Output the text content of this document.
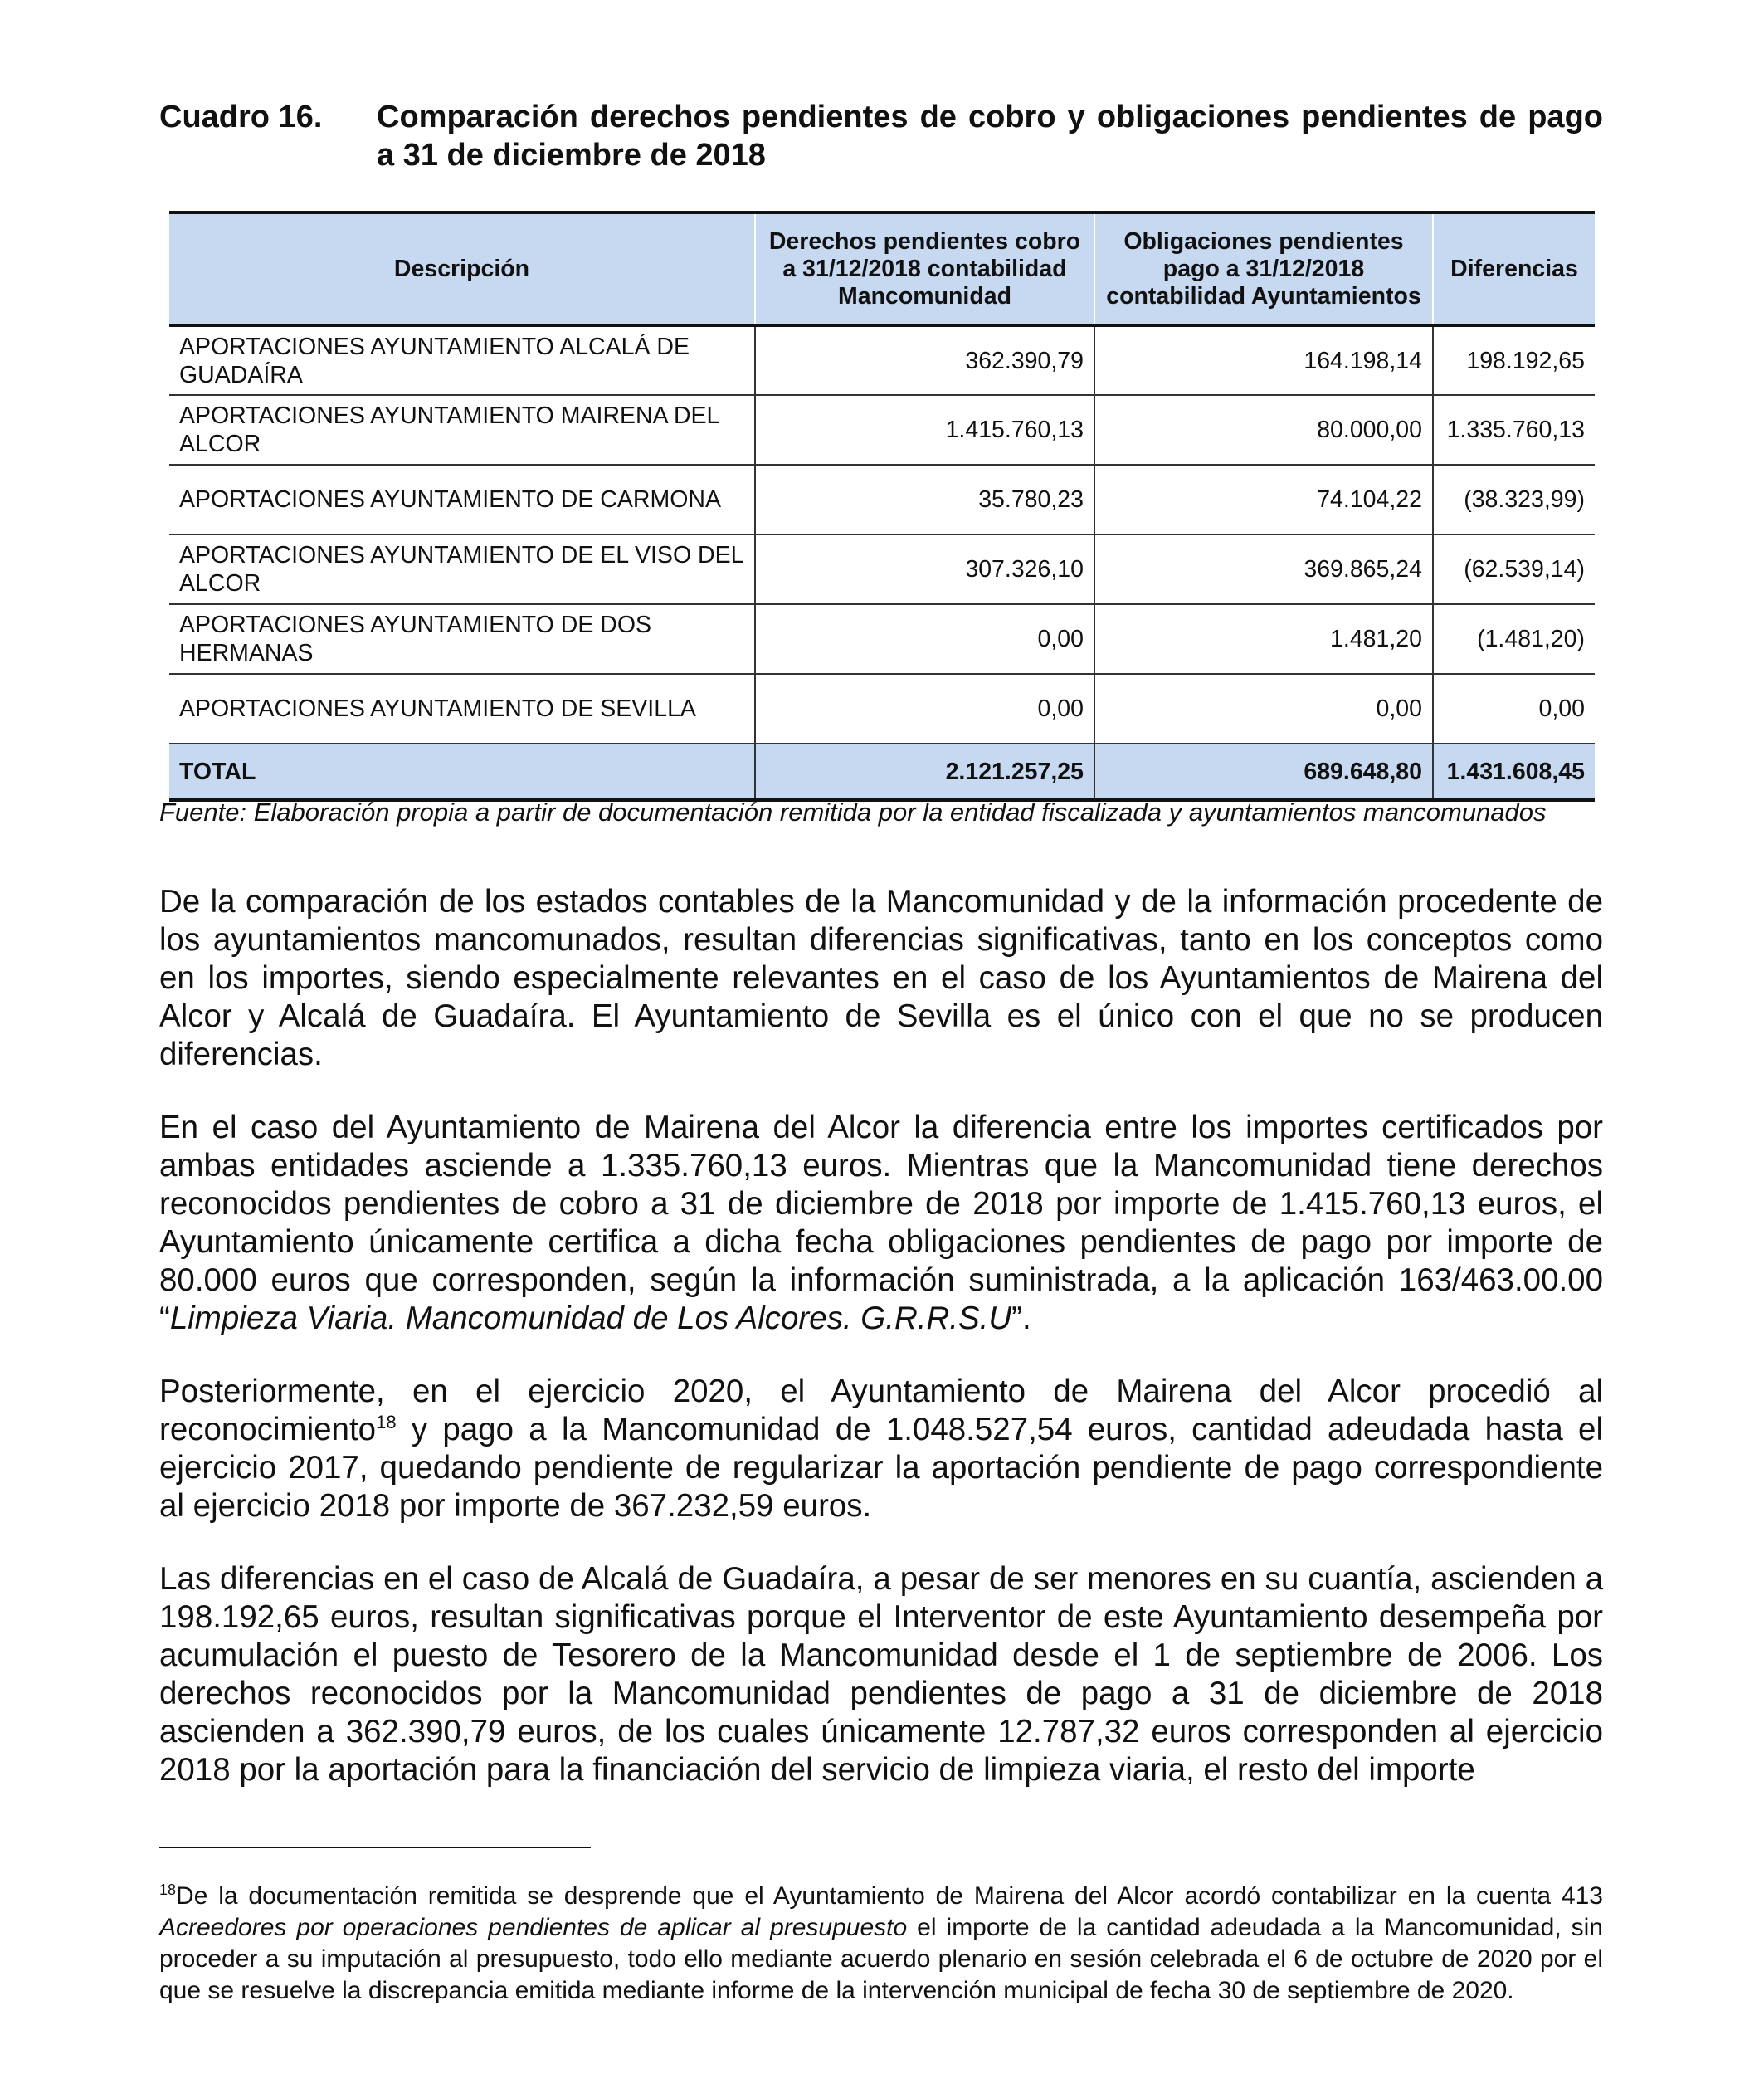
Cuadro 16.	Comparación derechos pendientes de cobro y obligaciones pendientes de pago a 31 de diciembre de 2018
Descripción	Derechos pendientes cobro a 31/12/2018 contabilidad Mancomunidad	Obligaciones pendientes pago a 31/12/2018 contabilidad Ayuntamientos	Diferencias
APORTACIONES AYUNTAMIENTO ALCALÁ DE GUADAÍRA	362.390,79	164.198,14	198.192,65
APORTACIONES AYUNTAMIENTO MAIRENA DEL ALCOR	1.415.760,13	80.000,00	1.335.760,13
APORTACIONES AYUNTAMIENTO DE CARMONA	35.780,23	74.104,22	(38.323,99)
APORTACIONES AYUNTAMIENTO DE EL VISO DEL ALCOR	307.326,10	369.865,24	(62.539,14)
APORTACIONES AYUNTAMIENTO DE DOS HERMANAS	0,00	1.481,20	(1.481,20)
APORTACIONES AYUNTAMIENTO DE SEVILLA	0,00	0,00	0,00
TOTAL	2.121.257,25	689.648,80	1.431.608,45
Fuente: Elaboración propia a partir de documentación remitida por la entidad fiscalizada y ayuntamientos mancomunados

De la comparación de los estados contables de la Mancomunidad y de la información procedente de los ayuntamientos mancomunados, resultan diferencias significativas, tanto en los conceptos como en los importes, siendo especialmente relevantes en el caso de los Ayuntamientos de Mairena del Alcor y Alcalá de Guadaíra. El Ayuntamiento de Sevilla es el único con el que no se producen diferencias.

En el caso del Ayuntamiento de Mairena del Alcor la diferencia entre los importes certificados por ambas entidades asciende a 1.335.760,13 euros. Mientras que la Mancomunidad tiene derechos reconocidos pendientes de cobro a 31 de diciembre de 2018 por importe de 1.415.760,13 euros, el Ayuntamiento únicamente certifica a dicha fecha obligaciones pendientes de pago por importe de 80.000 euros que corresponden, según la información suministrada, a la aplicación 163/463.00.00 “Limpieza Viaria. Mancomunidad de Los Alcores. G.R.R.S.U”.

Posteriormente, en el ejercicio 2020, el Ayuntamiento de Mairena del Alcor procedió al reconocimiento$^{18}$ y pago a la Mancomunidad de 1.048.527,54 euros, cantidad adeudada hasta el ejercicio 2017, quedando pendiente de regularizar la aportación pendiente de pago correspondiente al ejercicio 2018 por importe de 367.232,59 euros.

Las diferencias en el caso de Alcalá de Guadaíra, a pesar de ser menores en su cuantía, ascienden a 198.192,65 euros, resultan significativas porque el Interventor de este Ayuntamiento desempeña por acumulación el puesto de Tesorero de la Mancomunidad desde el 1 de septiembre de 2006. Los derechos reconocidos por la Mancomunidad pendientes de pago a 31 de diciembre de 2018 ascienden a 362.390,79 euros, de los cuales únicamente 12.787,32 euros corresponden al ejercicio 2018 por la aportación para la financiación del servicio de limpieza viaria, el resto del importe

$^{18}$De la documentación remitida se desprende que el Ayuntamiento de Mairena del Alcor acordó contabilizar en la cuenta 413 Acreedores por operaciones pendientes de aplicar al presupuesto el importe de la cantidad adeudada a la Mancomunidad, sin proceder a su imputación al presupuesto, todo ello mediante acuerdo plenario en sesión celebrada el 6 de octubre de 2020 por el que se resuelve la discrepancia emitida mediante informe de la intervención municipal de fecha 30 de septiembre de 2020.
